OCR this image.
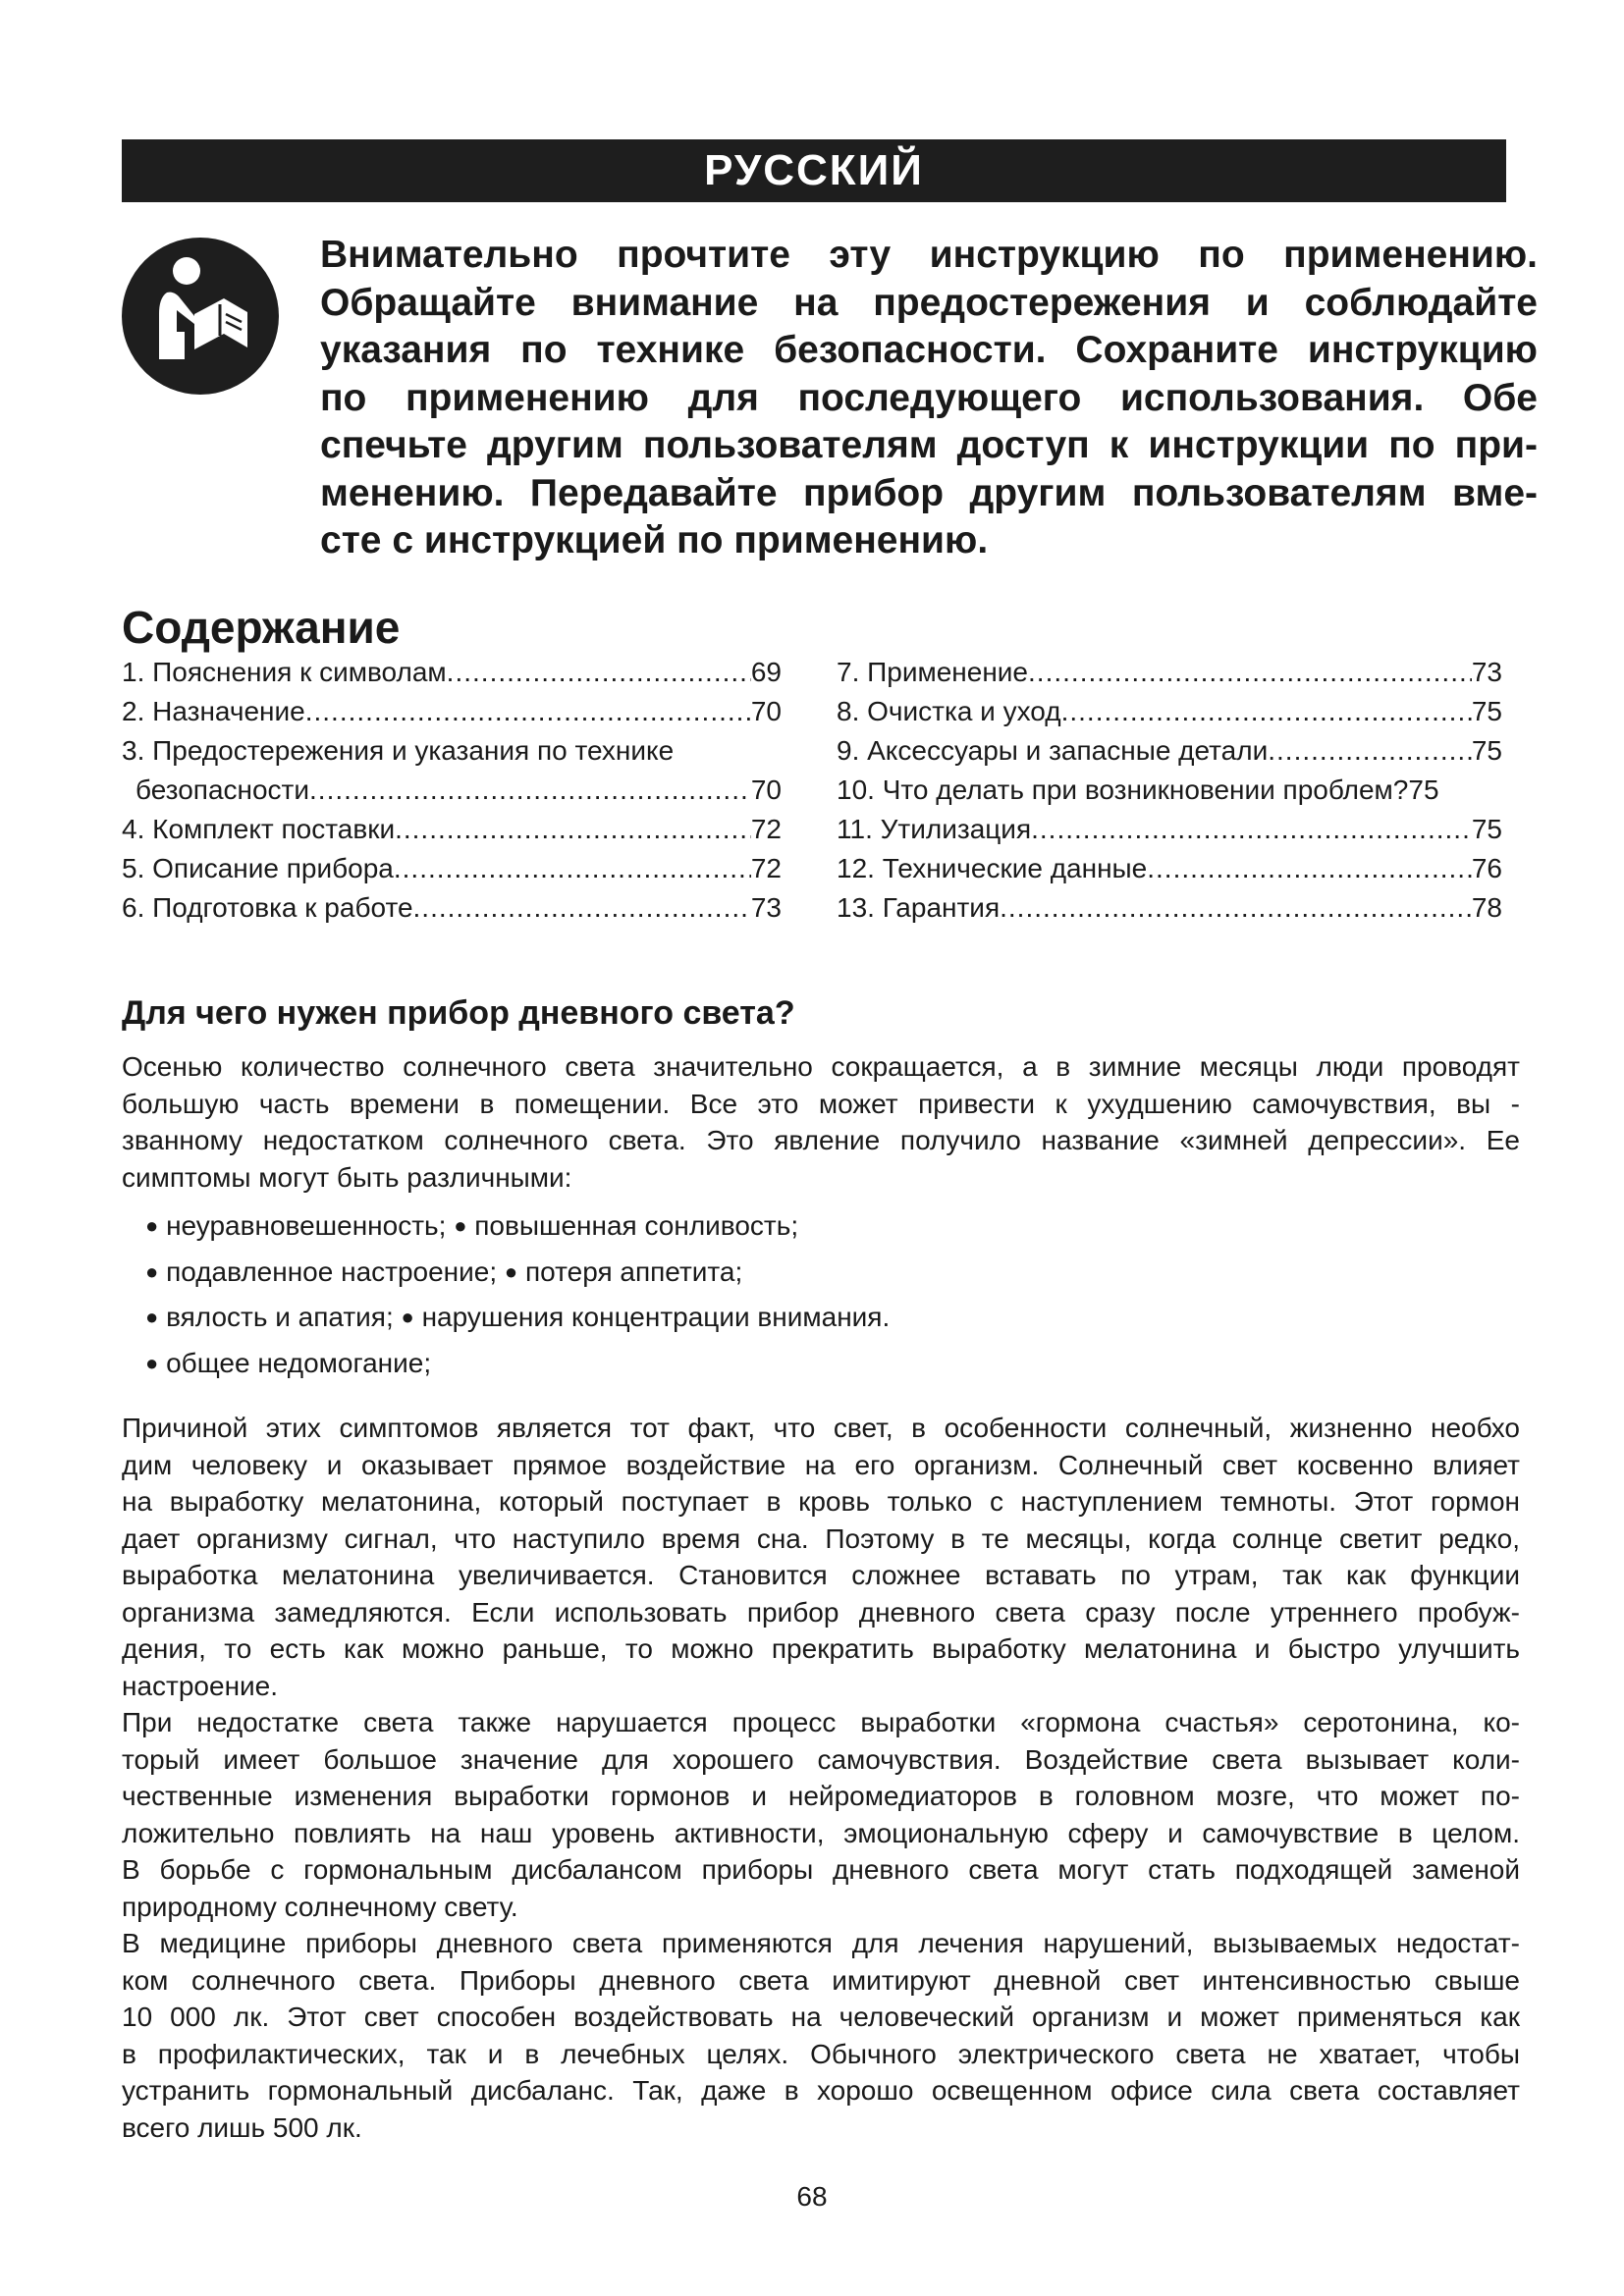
РУССКИЙ
Внимательно прочтите эту инструкцию по применению.
Обращайте внимание на предостережения и соблюдайте
указания по технике безопасности. Сохраните инструкцию
по применению для последующего использования. Обе
спечьте другим пользователям доступ к инструкции по при-
менению. Передавайте прибор другим пользователям вме-
сте с инструкцией по применению.
Содержание
1. Пояснения к символам .....	69
2. Назначение .....	70
3. Предостережения и указания по технике
безопасности .....	70
4. Комплект поставки .....	72
5. Описание прибора .....	72
6. Подготовка к работе .....	73
7. Применение .....	73
8. Очистка и уход .....	75
9. Аксессуары и запасные детали .....	75
10. Что делать при возникновении проблем? 75
11. Утилизация .....	75
12. Технические данные .....	76
13. Гарантия .....	78
Для чего нужен прибор дневного света?
Осенью количество солнечного света значительно сокращается, а в зимние месяцы люди проводят
большую часть времени в помещении. Все это может привести к ухудшению самочувствия, вы -
званному недостатком солнечного света. Это явление получило название «зимней депрессии». Ее
симптомы могут быть различными:
● неуравновешенность; ● повышенная сонливость;
● подавленное настроение; ● потеря аппетита;
● вялость и апатия; ● нарушения концентрации внимания.
● общее недомогание;
Причиной этих симптомов является тот факт, что свет, в особенности солнечный, жизненно необхо
дим человеку и оказывает прямое воздействие на его организм. Солнечный свет косвенно влияет
на выработку мелатонина, который поступает в кровь только с наступлением темноты. Этот гормон
дает организму сигнал, что наступило время сна. Поэтому в те месяцы, когда солнце светит редко,
выработка мелатонина увеличивается. Становится сложнее вставать по утрам, так как функции
организма замедляются. Если использовать прибор дневного света сразу после утреннего пробуж-
дения, то есть как можно раньше, то можно прекратить выработку мелатонина и быстро улучшить
настроение.
При недостатке света также нарушается процесс выработки «гормона счастья» серотонина, ко-
торый имеет большое значение для хорошего самочувствия. Воздействие света вызывает коли-
чественные изменения выработки гормонов и нейромедиаторов в головном мозге, что может по-
ложительно повлиять на наш уровень активности, эмоциональную сферу и самочувствие в целом.
В борьбе с гормональным дисбалансом приборы дневного света могут стать подходящей заменой
природному солнечному свету.
В медицине приборы дневного света применяются для лечения нарушений, вызываемых недостат-
ком солнечного света. Приборы дневного света имитируют дневной свет интенсивностью свыше
10 000 лк. Этот свет способен воздействовать на человеческий организм и может применяться как
в профилактических, так и в лечебных целях. Обычного электрического света не хватает, чтобы
устранить гормональный дисбаланс. Так, даже в хорошо освещенном офисе сила света составляет
всего лишь 500 лк.
68
